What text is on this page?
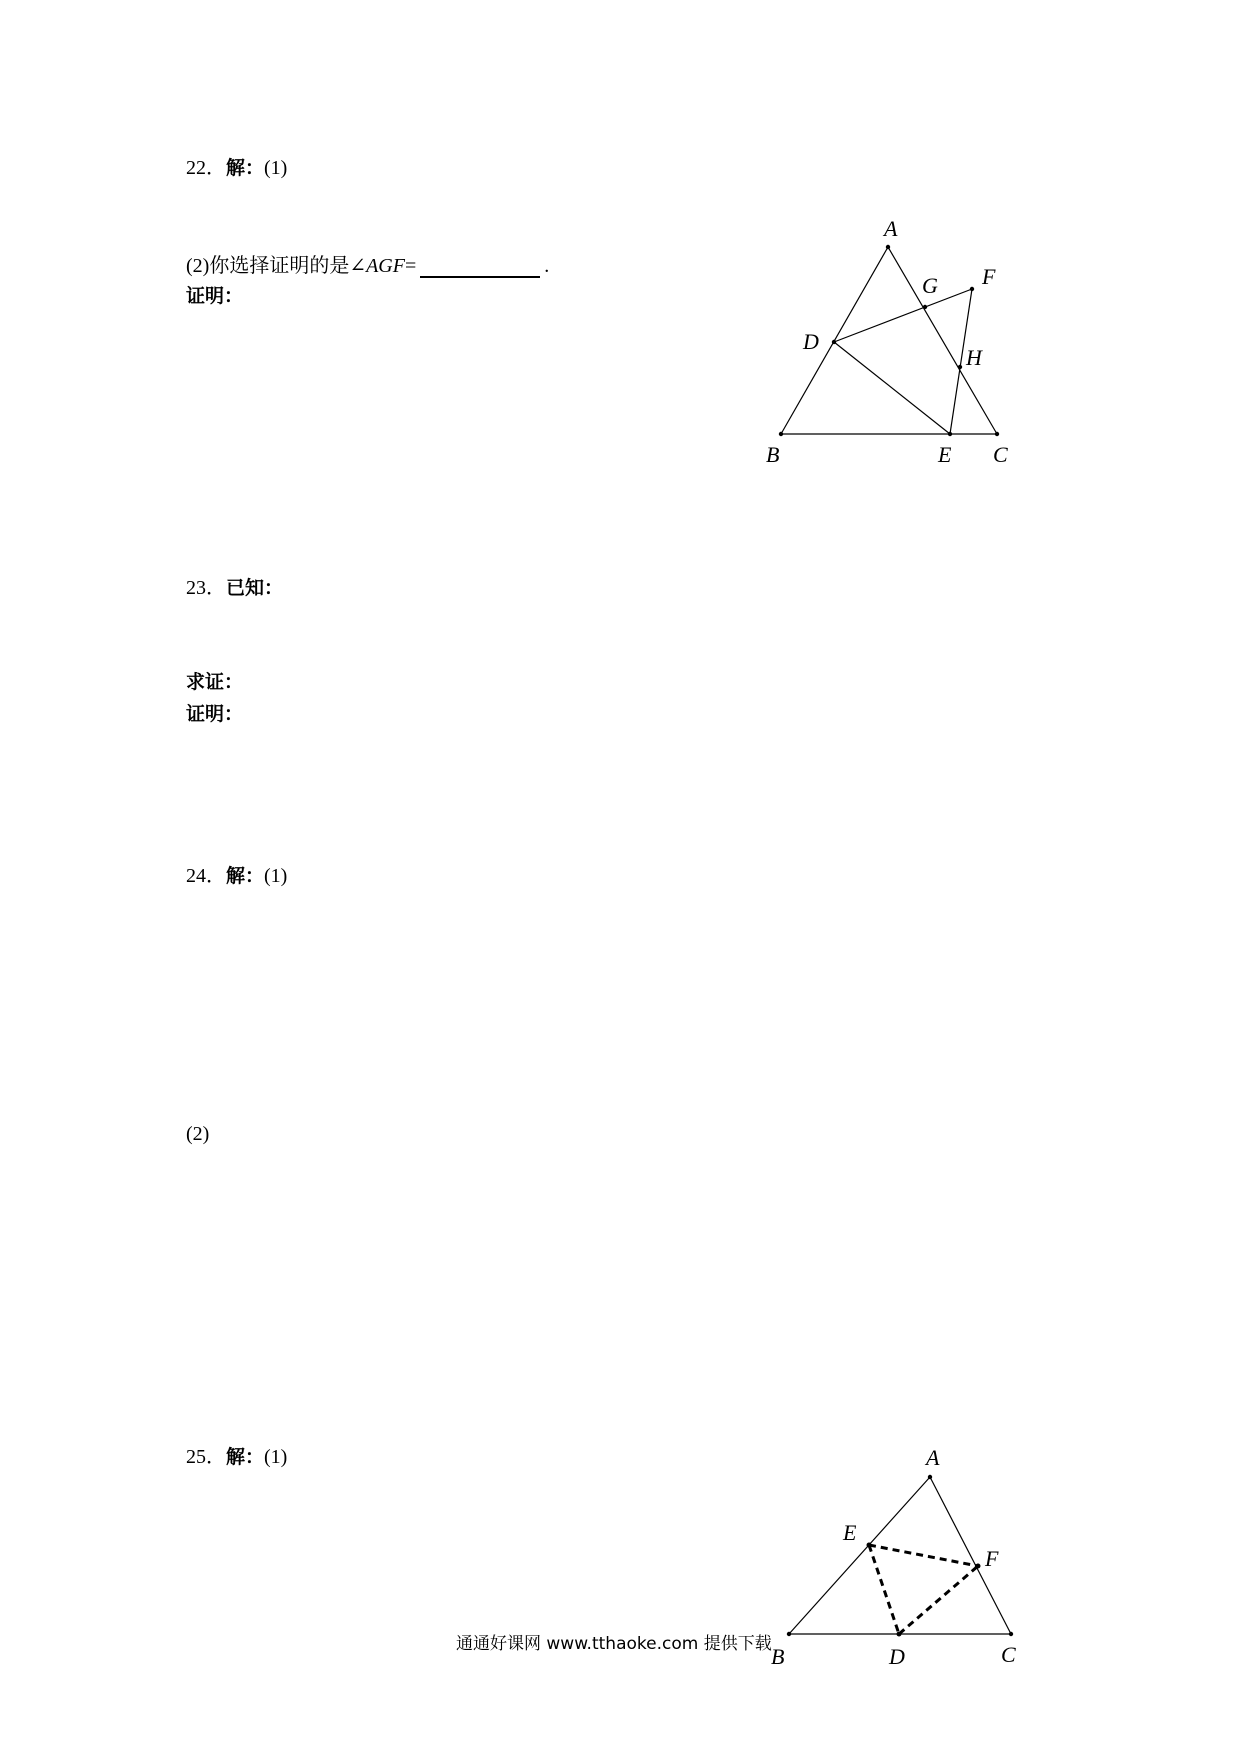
22．解：(1)
(2)你选择证明的是∠AGF=	.
证明：
A
B	C
D
E
F
G
H
23．已知：
求证：
证明：
24．解：(1)
(2)
25．解：(1)	A
B	C
D
E
F
通通好课网 www.tthaoke.com 提供下载
